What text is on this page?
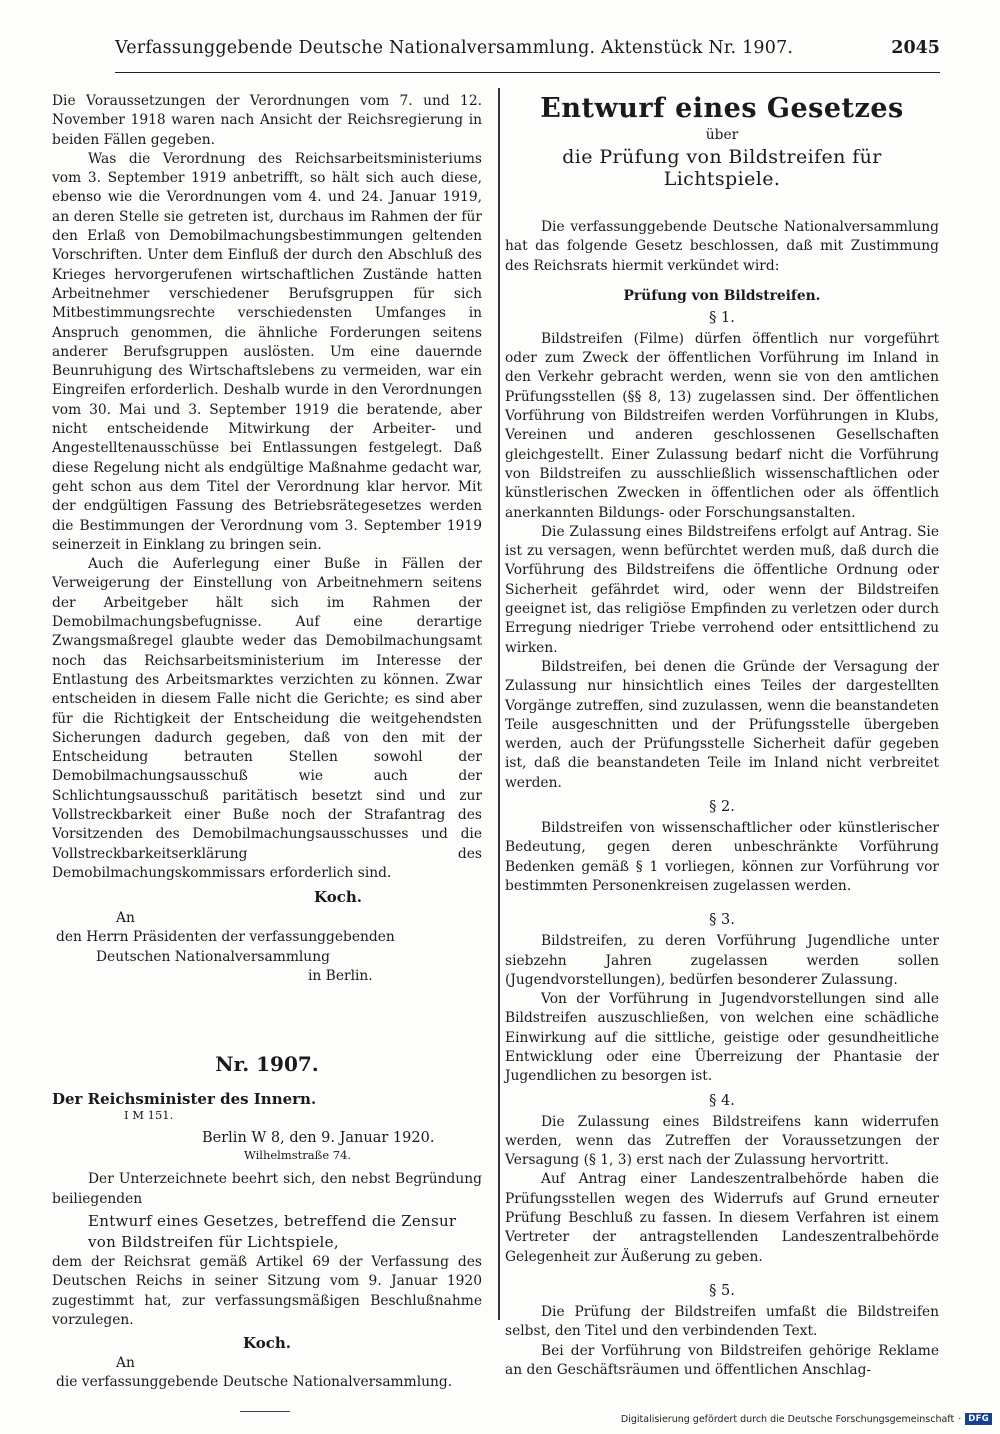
Verfassunggebende Deutsche Nationalversammlung. Aktenstück Nr. 1907.	2045

Die Voraussetzungen der Verordnungen vom 7. und 12. November 1918 waren nach Ansicht der Reichsregierung in beiden Fällen gegeben.

Was die Verordnung des Reichsarbeitsministeriums vom 3. September 1919 anbetrifft, so hält sich auch diese, ebenso wie die Verordnungen vom 4. und 24. Januar 1919, an deren Stelle sie getreten ist, durchaus im Rahmen der für den Erlaß von Demobilmachungsbestimmungen geltenden Vorschriften. Unter dem Einfluß der durch den Abschluß des Krieges hervorgerufenen wirtschaftlichen Zustände hatten Arbeitnehmer verschiedener Berufsgruppen für sich Mitbestimmungsrechte verschiedensten Umfanges in Anspruch genommen, die ähnliche Forderungen seitens anderer Berufsgruppen auslösten. Um eine dauernde Beunruhigung des Wirtschaftslebens zu vermeiden, war ein Eingreifen erforderlich. Deshalb wurde in den Verordnungen vom 30. Mai und 3. September 1919 die beratende, aber nicht entscheidende Mitwirkung der Arbeiter- und Angestelltenausschüsse bei Entlassungen festgelegt. Daß diese Regelung nicht als endgültige Maßnahme gedacht war, geht schon aus dem Titel der Verordnung klar hervor. Mit der endgültigen Fassung des Betriebsrätegesetzes werden die Bestimmungen der Verordnung vom 3. September 1919 seinerzeit in Einklang zu bringen sein.

Auch die Auferlegung einer Buße in Fällen der Verweigerung der Einstellung von Arbeitnehmern seitens der Arbeitgeber hält sich im Rahmen der Demobilmachungsbefugnisse. Auf eine derartige Zwangsmaßregel glaubte weder das Demobilmachungsamt noch das Reichsarbeitsministerium im Interesse der Entlastung des Arbeitsmarktes verzichten zu können. Zwar entscheiden in diesem Falle nicht die Gerichte; es sind aber für die Richtigkeit der Entscheidung die weitgehendsten Sicherungen dadurch gegeben, daß von den mit der Entscheidung betrauten Stellen sowohl der Demobilmachungsausschuß wie auch der Schlichtungsausschuß paritätisch besetzt sind und zur Vollstreckbarkeit einer Buße noch der Strafantrag des Vorsitzenden des Demobilmachungsausschusses und die Vollstreckbarkeitserklärung des Demobilmachungskommissars erforderlich sind.

Koch.

An

den Herrn Präsidenten der verfassunggebenden

Deutschen Nationalversammlung

in Berlin.

Nr. 1907.

Der Reichsminister des Innern.

I M 151.

Berlin W 8, den 9. Januar 1920.

Wilhelmstraße 74.

Der Unterzeichnete beehrt sich, den nebst Begründung beiliegenden

Entwurf eines Gesetzes, betreffend die Zensur von Bildstreifen für Lichtspiele,

dem der Reichsrat gemäß Artikel 69 der Verfassung des Deutschen Reichs in seiner Sitzung vom 9. Januar 1920 zugestimmt hat, zur verfassungsmäßigen Beschlußnahme vorzulegen.

Koch.

An

die verfassunggebende Deutsche Nationalversammlung.

Entwurf eines Gesetzes

über

die Prüfung von Bildstreifen für Lichtspiele.

Die verfassunggebende Deutsche Nationalversammlung hat das folgende Gesetz beschlossen, daß mit Zustimmung des Reichsrats hiermit verkündet wird:

Prüfung von Bildstreifen.

§ 1.

Bildstreifen (Filme) dürfen öffentlich nur vorgeführt oder zum Zweck der öffentlichen Vorführung im Inland in den Verkehr gebracht werden, wenn sie von den amtlichen Prüfungsstellen (§§ 8, 13) zugelassen sind. Der öffentlichen Vorführung von Bildstreifen werden Vorführungen in Klubs, Vereinen und anderen geschlossenen Gesellschaften gleichgestellt. Einer Zulassung bedarf nicht die Vorführung von Bildstreifen zu ausschließlich wissenschaftlichen oder künstlerischen Zwecken in öffentlichen oder als öffentlich anerkannten Bildungs- oder Forschungsanstalten.

Die Zulassung eines Bildstreifens erfolgt auf Antrag. Sie ist zu versagen, wenn befürchtet werden muß, daß durch die Vorführung des Bildstreifens die öffentliche Ordnung oder Sicherheit gefährdet wird, oder wenn der Bildstreifen geeignet ist, das religiöse Empfinden zu verletzen oder durch Erregung niedriger Triebe verrohend oder entsittlichend zu wirken.

Bildstreifen, bei denen die Gründe der Versagung der Zulassung nur hinsichtlich eines Teiles der dargestellten Vorgänge zutreffen, sind zuzulassen, wenn die beanstandeten Teile ausgeschnitten und der Prüfungsstelle übergeben werden, auch der Prüfungsstelle Sicherheit dafür gegeben ist, daß die beanstandeten Teile im Inland nicht verbreitet werden.

§ 2.

Bildstreifen von wissenschaftlicher oder künstlerischer Bedeutung, gegen deren unbeschränkte Vorführung Bedenken gemäß § 1 vorliegen, können zur Vorführung vor bestimmten Personenkreisen zugelassen werden.

§ 3.

Bildstreifen, zu deren Vorführung Jugendliche unter siebzehn Jahren zugelassen werden sollen (Jugendvorstellungen), bedürfen besonderer Zulassung.

Von der Vorführung in Jugendvorstellungen sind alle Bildstreifen auszuschließen, von welchen eine schädliche Einwirkung auf die sittliche, geistige oder gesundheitliche Entwicklung oder eine Überreizung der Phantasie der Jugendlichen zu besorgen ist.

§ 4.

Die Zulassung eines Bildstreifens kann widerrufen werden, wenn das Zutreffen der Voraussetzungen der Versagung (§ 1, 3) erst nach der Zulassung hervortritt.

Auf Antrag einer Landeszentralbehörde haben die Prüfungsstellen wegen des Widerrufs auf Grund erneuter Prüfung Beschluß zu fassen. In diesem Verfahren ist einem Vertreter der antragstellenden Landeszentralbehörde Gelegenheit zur Äußerung zu geben.

§ 5.

Die Prüfung der Bildstreifen umfaßt die Bildstreifen selbst, den Titel und den verbindenden Text.

Bei der Vorführung von Bildstreifen gehörige Reklame an den Geschäftsräumen und öffentlichen Anschlag-

Digitalisierung gefördert durch die Deutsche Forschungsgemeinschaft · DFG
